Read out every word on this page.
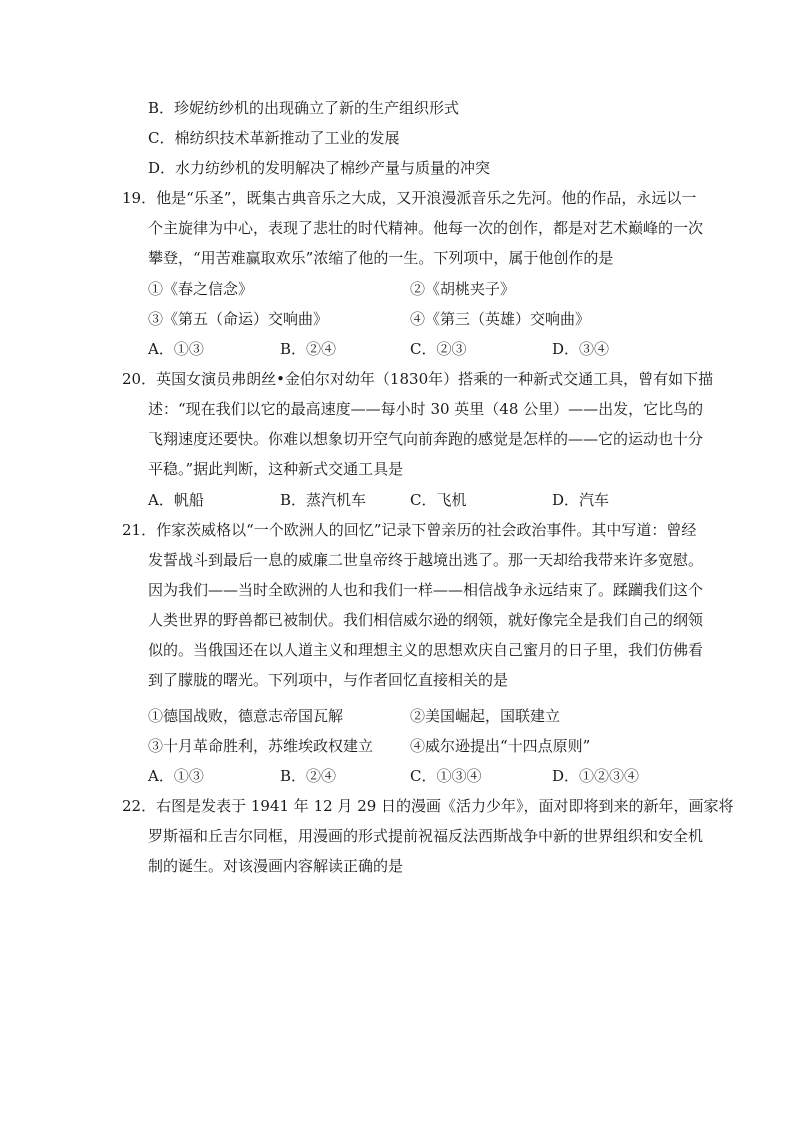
B．珍妮纺纱机的出现确立了新的生产组织形式
C．棉纺织技术革新推动了工业的发展
D．水力纺纱机的发明解决了棉纱产量与质量的冲突
19．他是“乐圣”，既集古典音乐之大成，又开浪漫派音乐之先河。他的作品，永远以一
个主旋律为中心，表现了悲壮的时代精神。他每一次的创作，都是对艺术巅峰的一次
攀登，“用苦难赢取欢乐”浓缩了他的一生。下列项中，属于他创作的是
①《春之信念》	②《胡桃夹子》
③《第五（命运）交响曲》	④《第三（英雄）交响曲》
A．①③	B．②④	C．②③	D．③④
20．英国女演员弗朗丝•金伯尔对幼年（1830年）搭乘的一种新式交通工具，曾有如下描
述：“现在我们以它的最高速度——每小时 30 英里（48 公里）——出发，它比鸟的
飞翔速度还要快。你难以想象切开空气向前奔跑的感觉是怎样的——它的运动也十分
平稳。”据此判断，这种新式交通工具是
A．帆船	B．蒸汽机车	C．飞机	D．汽车
21．作家茨威格以“一个欧洲人的回忆”记录下曾亲历的社会政治事件。其中写道：曾经
发誓战斗到最后一息的威廉二世皇帝终于越境出逃了。那一天却给我带来许多宽慰。
因为我们——当时全欧洲的人也和我们一样——相信战争永远结束了。蹂躏我们这个
人类世界的野兽都已被制伏。我们相信威尔逊的纲领，就好像完全是我们自己的纲领
似的。当俄国还在以人道主义和理想主义的思想欢庆自己蜜月的日子里，我们仿佛看
到了朦胧的曙光。下列项中，与作者回忆直接相关的是
①德国战败，德意志帝国瓦解	②美国崛起，国联建立
③十月革命胜利，苏维埃政权建立 ④威尔逊提出“十四点原则”
A．①③	B．②④	C．①③④	D．①②③④
22．右图是发表于 1941 年 12 月 29 日的漫画《活力少年》，面对即将到来的新年，画家将
罗斯福和丘吉尔同框，用漫画的形式提前祝福反法西斯战争中新的世界组织和安全机
制的诞生。对该漫画内容解读正确的是
